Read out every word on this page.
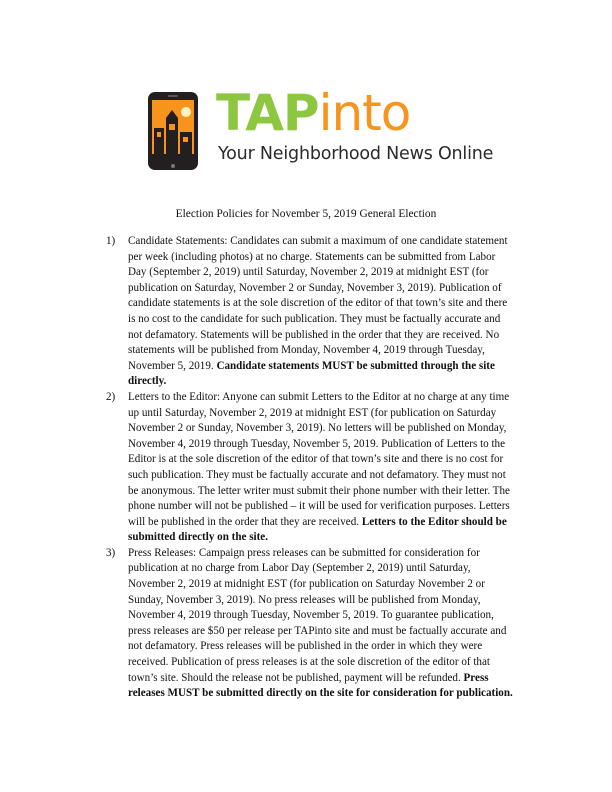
TAPinto
Your Neighborhood News Online
Election Policies for November 5, 2019 General Election
1) Candidate Statements: Candidates can submit a maximum of one candidate statement per week (including photos) at no charge. Statements can be submitted from Labor Day (September 2, 2019) until Saturday, November 2, 2019 at midnight EST (for publication on Saturday, November 2 or Sunday, November 3, 2019). Publication of candidate statements is at the sole discretion of the editor of that town’s site and there is no cost to the candidate for such publication. They must be factually accurate and not defamatory. Statements will be published in the order that they are received. No statements will be published from Monday, November 4, 2019 through Tuesday, November 5, 2019. Candidate statements MUST be submitted through the site directly.
2) Letters to the Editor: Anyone can submit Letters to the Editor at no charge at any time up until Saturday, November 2, 2019 at midnight EST (for publication on Saturday November 2 or Sunday, November 3, 2019). No letters will be published on Monday, November 4, 2019 through Tuesday, November 5, 2019. Publication of Letters to the Editor is at the sole discretion of the editor of that town’s site and there is no cost for such publication. They must be factually accurate and not defamatory. They must not be anonymous. The letter writer must submit their phone number with their letter. The phone number will not be published – it will be used for verification purposes. Letters will be published in the order that they are received. Letters to the Editor should be submitted directly on the site.
3) Press Releases: Campaign press releases can be submitted for consideration for publication at no charge from Labor Day (September 2, 2019) until Saturday, November 2, 2019 at midnight EST (for publication on Saturday November 2 or Sunday, November 3, 2019). No press releases will be published from Monday, November 4, 2019 through Tuesday, November 5, 2019. To guarantee publication, press releases are $50 per release per TAPinto site and must be factually accurate and not defamatory. Press releases will be published in the order in which they were received. Publication of press releases is at the sole discretion of the editor of that town’s site. Should the release not be published, payment will be refunded. Press releases MUST be submitted directly on the site for consideration for publication.
